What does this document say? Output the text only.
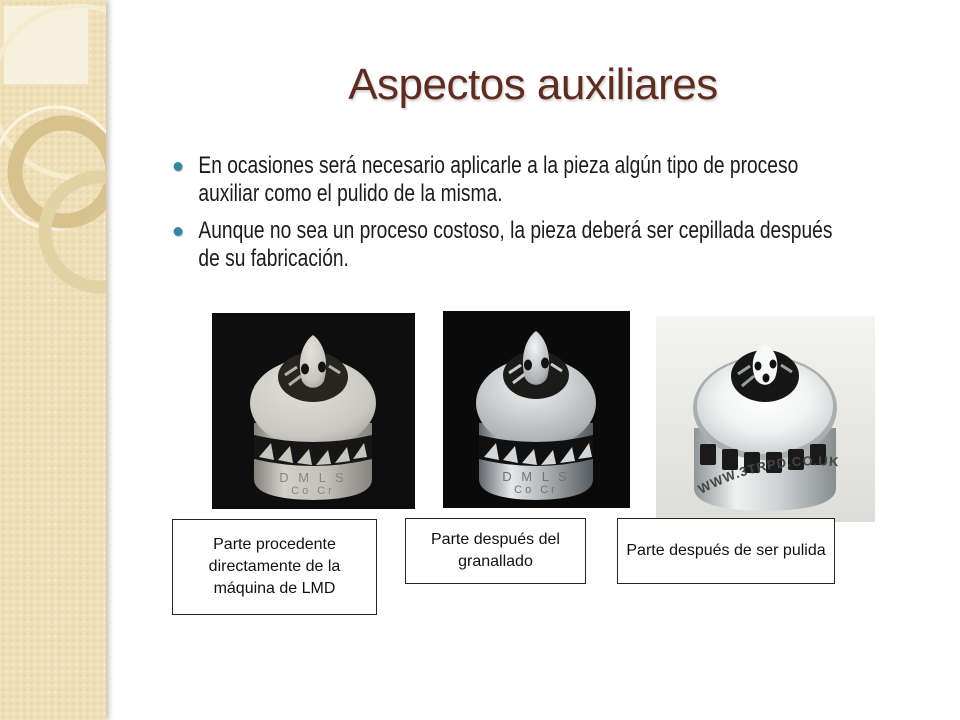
Aspectos auxiliares
En ocasiones será necesario aplicarle a la pieza algún tipo de proceso auxiliar como el pulido de la misma.
Aunque no sea un proceso costoso, la pieza deberá ser cepillada después de su fabricación.
D M L S
Co Cr
D M L S
Co Cr	WWW.3TRPD.CO.UK
Parte procedente directamente de la máquina de LMD
Parte después del granallado
Parte después de ser pulida
